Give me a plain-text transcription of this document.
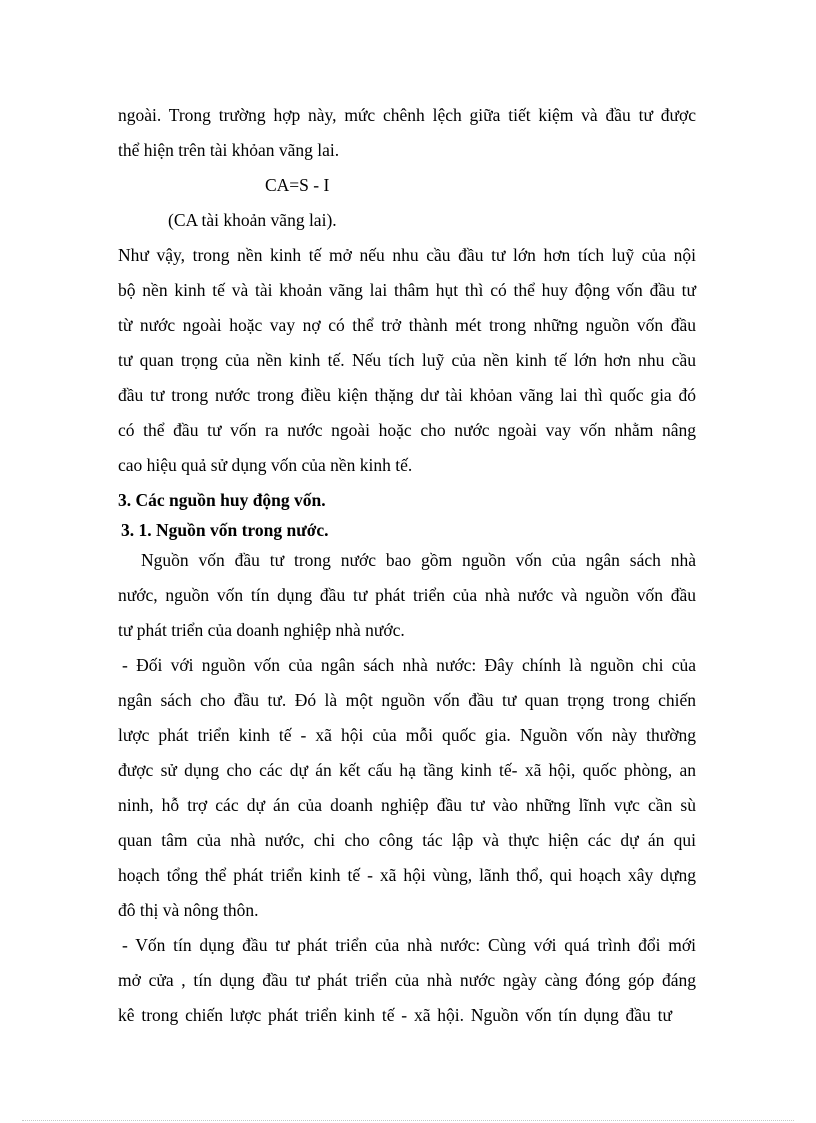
ngoài. Trong trường hợp này, mức chênh lệch giữa tiết kiệm và đầu tư được
thể hiện trên tài khỏan vãng lai.
CA=S - I
(CA tài khoản vãng lai).
Như vậy, trong nền kinh tế mở nếu nhu cầu đầu tư lớn hơn tích luỹ của nội
bộ nền kinh tế và tài khoản vãng lai thâm hụt thì có thể huy động vốn đầu tư
từ nước ngoài hoặc vay nợ có thể trở thành mét trong những nguồn vốn đầu
tư quan trọng của nền kinh tế. Nếu tích luỹ của nền kinh tế lớn hơn nhu cầu
đầu tư trong nước trong điều kiện thặng dư tài khỏan vãng lai thì quốc gia đó
có thể đầu tư vốn ra nước ngoài hoặc cho nước ngoài vay vốn nhằm nâng
cao hiệu quả sử dụng vốn của nền kinh tế.
3. Các nguồn huy động vốn.
3. 1. Nguồn vốn trong nước.
Nguồn vốn đầu tư trong nước bao gồm nguồn vốn của ngân sách nhà
nước, nguồn vốn tín dụng đầu tư phát triển của nhà nước và nguồn vốn đầu
tư phát triển của doanh nghiệp nhà nước.
- Đối với nguồn vốn của ngân sách nhà nước: Đây chính là nguồn chi của
ngân sách cho đầu tư. Đó là một nguồn vốn đầu tư quan trọng trong chiến
lược phát triển kinh tế - xã hội của mỗi quốc gia. Nguồn vốn này thường
được sử dụng cho các dự án kết cấu hạ tầng kinh tế- xã hội, quốc phòng, an
ninh, hỗ trợ các dự án của doanh nghiệp đầu tư vào những lĩnh vực cần sù
quan tâm của nhà nước, chi cho công tác lập và thực hiện các dự án qui
hoạch tổng thể phát triển kinh tế - xã hội vùng, lãnh thổ, qui hoạch xây dựng
đô thị và nông thôn.
- Vốn tín dụng đầu tư phát triển của nhà nước: Cùng với quá trình đổi mới
mở cửa , tín dụng đầu tư phát triển của nhà nước ngày càng đóng góp đáng
kê trong chiến lược phát triển kinh tế - xã hội. Nguồn vốn tín dụng đầu tư
